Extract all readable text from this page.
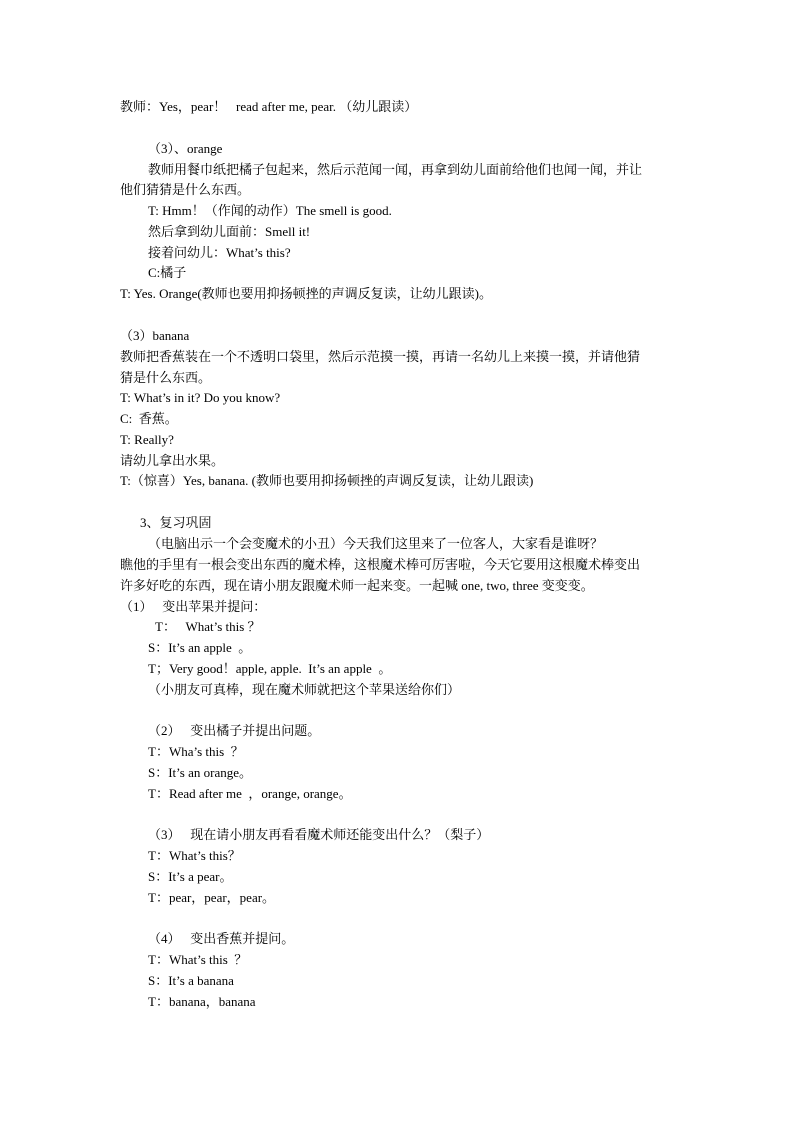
教师：Yes，pear！   read after me, pear. （幼儿跟读）
（3）、orange
教师用餐巾纸把橘子包起来，然后示范闻一闻，再拿到幼儿面前给他们也闻一闻，并让
他们猜猜是什么东西。
T: Hmm！（作闻的动作）The smell is good.
然后拿到幼儿面前：Smell it!
接着问幼儿：What’s this?
C:橘子
T: Yes. Orange(教师也要用抑扬顿挫的声调反复读，让幼儿跟读)。
（3）banana
教师把香蕉装在一个不透明口袋里，然后示范摸一摸，再请一名幼儿上来摸一摸，并请他猜
猜是什么东西。
T: What’s in it? Do you know?
C:  香蕉。
T: Really?
请幼儿拿出水果。
T:（惊喜）Yes, banana. (教师也要用抑扬顿挫的声调反复读，让幼儿跟读)
3、复习巩固
（电脑出示一个会变魔术的小丑）今天我们这里来了一位客人，大家看是谁呀？
瞧他的手里有一根会变出东西的魔术棒，这根魔术棒可厉害啦，今天它要用这根魔术棒变出
许多好吃的东西，现在请小朋友跟魔术师一起来变。一起喊 one, two, three 变变变。
（1）   变出苹果并提问：
T：   What’s this ？
S：It’s an apple  。
T；Very good！apple, apple.  It’s an apple  。
（小朋友可真棒，现在魔术师就把这个苹果送给你们）
（2）   变出橘子并提出问题。
T：Wha’s this  ？
S：It’s an orange。
T：Read after me  ，orange, orange。
（3）   现在请小朋友再看看魔术师还能变出什么？（梨子）
T：What’s this？
S：It’s a pear。
T：pear，pear，pear。
（4）   变出香蕉并提问。
T：What’s this  ？
S：It’s a banana
T：banana，banana
